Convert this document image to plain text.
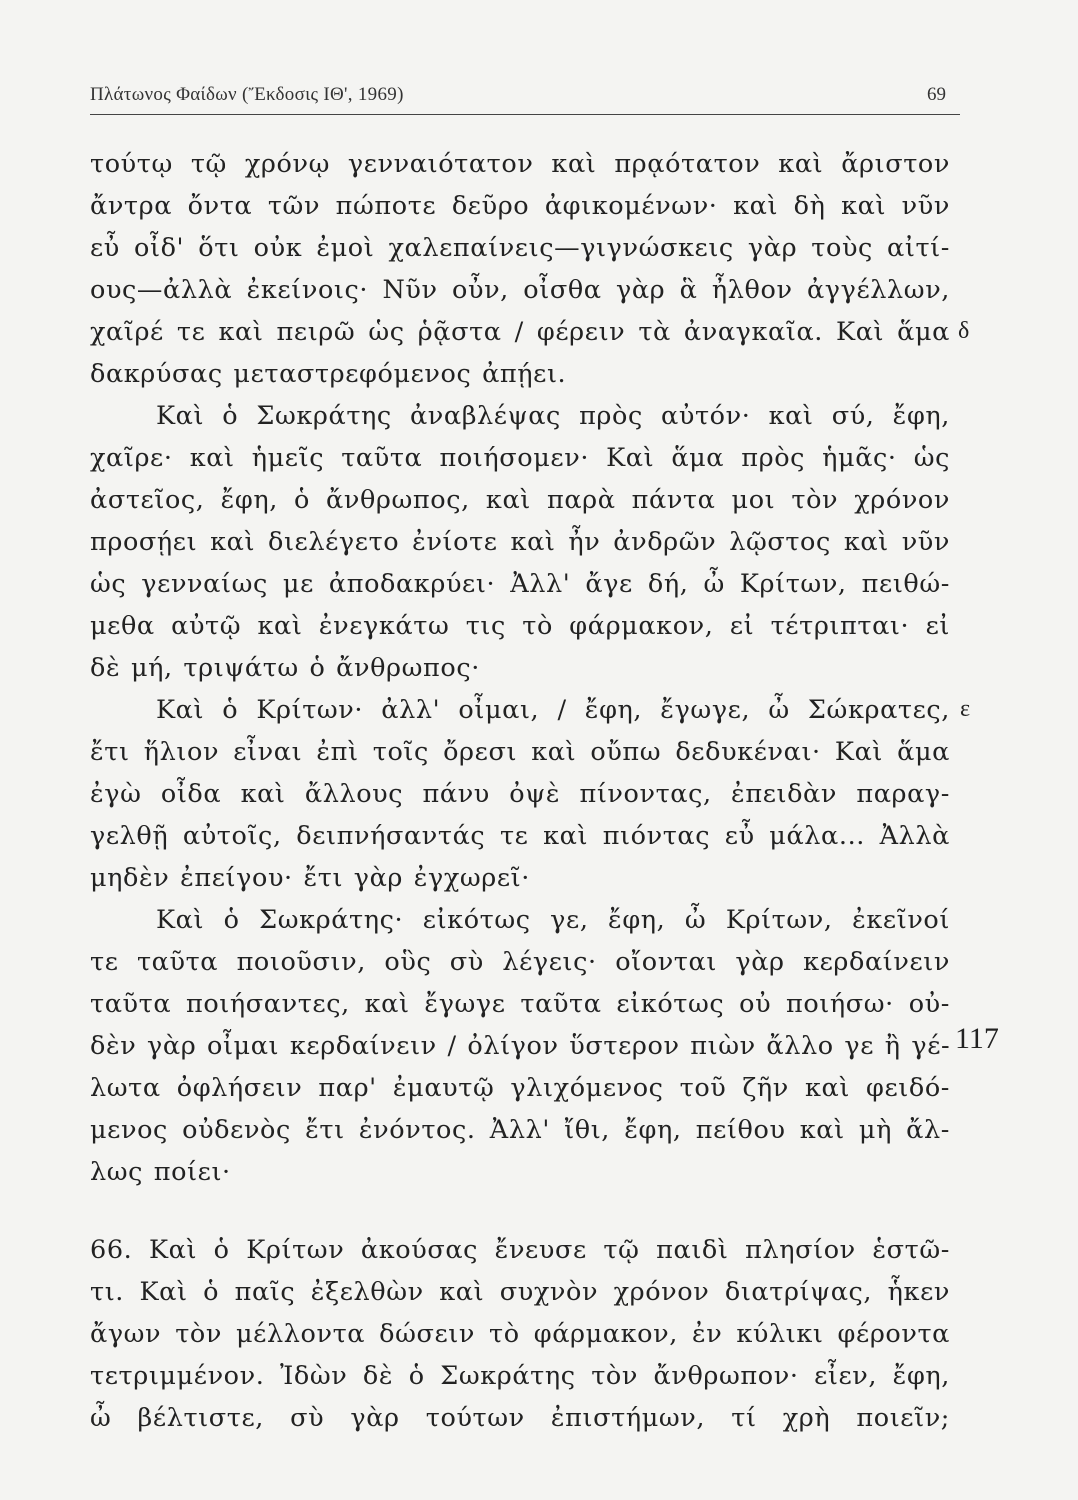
Πλάτωνος Φαίδων (Ἔκδοσις ΙΘ', 1969)	69
τούτῳ τῷ χρόνῳ γενναιότατον καὶ πρᾳότατον καὶ ἄριστον
ἄντρα ὄντα τῶν πώποτε δεῦρο ἀφικομένων· καὶ δὴ καὶ νῦν
εὖ οἶδ' ὅτι οὐκ ἐμοὶ χαλεπαίνεις—γιγνώσκεις γὰρ τοὺς αἰτί-
ους—ἀλλὰ ἐκείνοις· Νῦν οὖν, οἶσθα γὰρ ἃ ἦλθον ἀγγέλλων,
χαῖρέ τε καὶ πειρῶ ὡς ῥᾷστα / φέρειν τὰ ἀναγκαῖα. Καὶ ἅμα
δακρύσας μεταστρεφόμενος ἀπῄει.
Καὶ ὁ Σωκράτης ἀναβλέψας πρὸς αὐτόν· καὶ σύ, ἔφη,
χαῖρε· καὶ ἡμεῖς ταῦτα ποιήσομεν· Καὶ ἅμα πρὸς ἡμᾶς· ὡς
ἀστεῖος, ἔφη, ὁ ἄνθρωπος, καὶ παρὰ πάντα μοι τὸν χρόνον
προσῄει καὶ διελέγετο ἐνίοτε καὶ ἦν ἀνδρῶν λῷστος καὶ νῦν
ὡς γενναίως με ἀποδακρύει· Ἀλλ' ἄγε δή, ὦ Κρίτων, πειθώ-
μεθα αὐτῷ καὶ ἐνεγκάτω τις τὸ φάρμακον, εἰ τέτριπται· εἰ
δὲ μή, τριψάτω ὁ ἄνθρωπος·
Καὶ ὁ Κρίτων· ἀλλ' οἶμαι, / ἔφη, ἔγωγε, ὦ Σώκρατες,
ἔτι ἥλιον εἶναι ἐπὶ τοῖς ὄρεσι καὶ οὔπω δεδυκέναι· Καὶ ἅμα
ἐγὼ οἶδα καὶ ἄλλους πάνυ ὀψὲ πίνοντας, ἐπειδὰν παραγ-
γελθῇ αὐτοῖς, δειπνήσαντάς τε καὶ πιόντας εὖ μάλα... Ἀλλὰ
μηδὲν ἐπείγου· ἔτι γὰρ ἐγχωρεῖ·
Καὶ ὁ Σωκράτης· εἰκότως γε, ἔφη, ὦ Κρίτων, ἐκεῖνοί
τε ταῦτα ποιοῦσιν, οὓς σὺ λέγεις· οἴονται γὰρ κερδαίνειν
ταῦτα ποιήσαντες, καὶ ἔγωγε ταῦτα εἰκότως οὐ ποιήσω· οὐ-
δὲν γὰρ οἶμαι κερδαίνειν / ὀλίγον ὕστερον πιὼν ἄλλο γε ἢ γέ-
λωτα ὀφλήσειν παρ' ἐμαυτῷ γλιχόμενος τοῦ ζῆν καὶ φειδό-
μενος οὐδενὸς ἔτι ἐνόντος. Ἀλλ' ἴθι, ἔφη, πείθου καὶ μὴ ἄλ-
λως ποίει·
66. Καὶ ὁ Κρίτων ἀκούσας ἔνευσε τῷ παιδὶ πλησίον ἑστῶ-
τι. Καὶ ὁ παῖς ἐξελθὼν καὶ συχνὸν χρόνον διατρίψας, ἧκεν
ἄγων τὸν μέλλοντα δώσειν τὸ φάρμακον, ἐν κύλικι φέροντα
τετριμμένον. Ἰδὼν δὲ ὁ Σωκράτης τὸν ἄνθρωπον· εἶεν, ἔφη,
ὦ βέλτιστε, σὺ γὰρ τούτων ἐπιστήμων, τί χρὴ ποιεῖν;
δ
ε
117
